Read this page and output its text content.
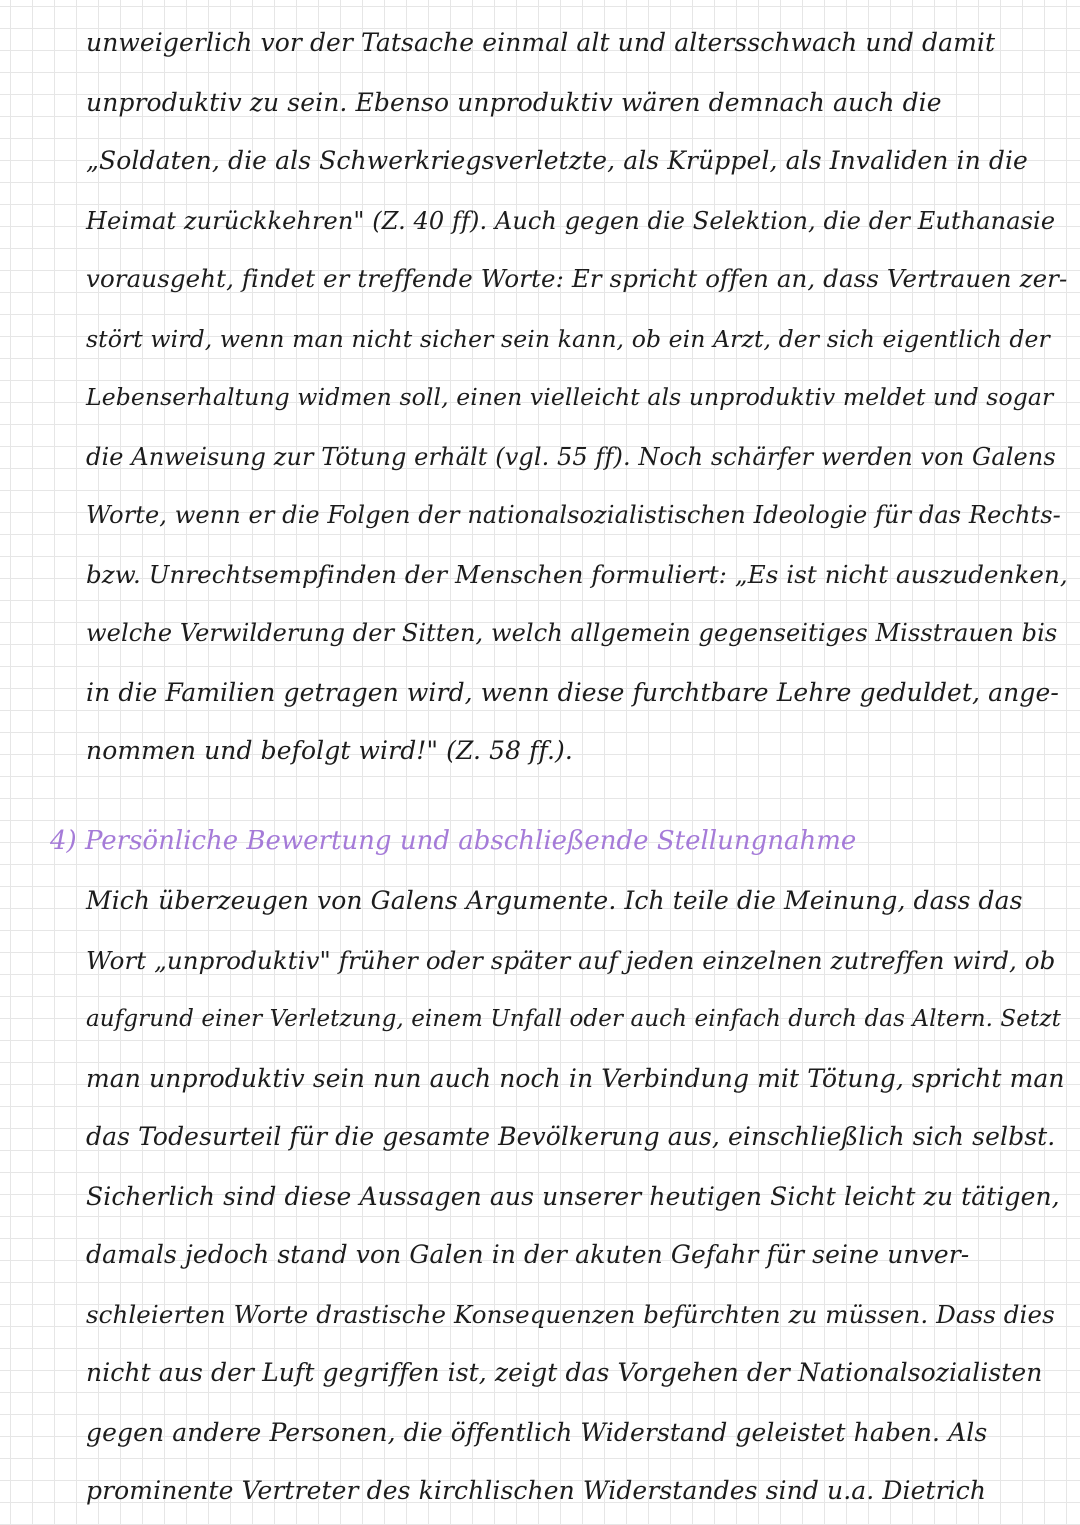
unweigerlich vor der Tatsache einmal alt und altersschwach und damit
unproduktiv zu sein. Ebenso unproduktiv wären demnach auch die
„Soldaten, die als Schwerkriegsverletzte, als Krüppel, als Invaliden in die
Heimat zurückkehren" (Z. 40 ff). Auch gegen die Selektion, die der Euthanasie
vorausgeht, findet er treffende Worte: Er spricht offen an, dass Vertrauen zer-
stört wird, wenn man nicht sicher sein kann, ob ein Arzt, der sich eigentlich der
Lebenserhaltung widmen soll, einen vielleicht als unproduktiv meldet und sogar
die Anweisung zur Tötung erhält (vgl. 55 ff). Noch schärfer werden von Galens
Worte, wenn er die Folgen der nationalsozialistischen Ideologie für das Rechts-
bzw. Unrechtsempfinden der Menschen formuliert: „Es ist nicht auszudenken,
welche Verwilderung der Sitten, welch allgemein gegenseitiges Misstrauen bis
in die Familien getragen wird, wenn diese furchtbare Lehre geduldet, ange-
nommen und befolgt wird!" (Z. 58 ff.).
4) Persönliche Bewertung und abschließende Stellungnahme
Mich überzeugen von Galens Argumente. Ich teile die Meinung, dass das
Wort „unproduktiv" früher oder später auf jeden einzelnen zutreffen wird, ob
aufgrund einer Verletzung, einem Unfall oder auch einfach durch das Altern. Setzt
man unproduktiv sein nun auch noch in Verbindung mit Tötung, spricht man
das Todesurteil für die gesamte Bevölkerung aus, einschließlich sich selbst.
Sicherlich sind diese Aussagen aus unserer heutigen Sicht leicht zu tätigen,
damals jedoch stand von Galen in der akuten Gefahr für seine unver-
schleierten Worte drastische Konsequenzen befürchten zu müssen. Dass dies
nicht aus der Luft gegriffen ist, zeigt das Vorgehen der Nationalsozialisten
gegen andere Personen, die öffentlich Widerstand geleistet haben. Als
prominente Vertreter des kirchlischen Widerstandes sind u.a. Dietrich
